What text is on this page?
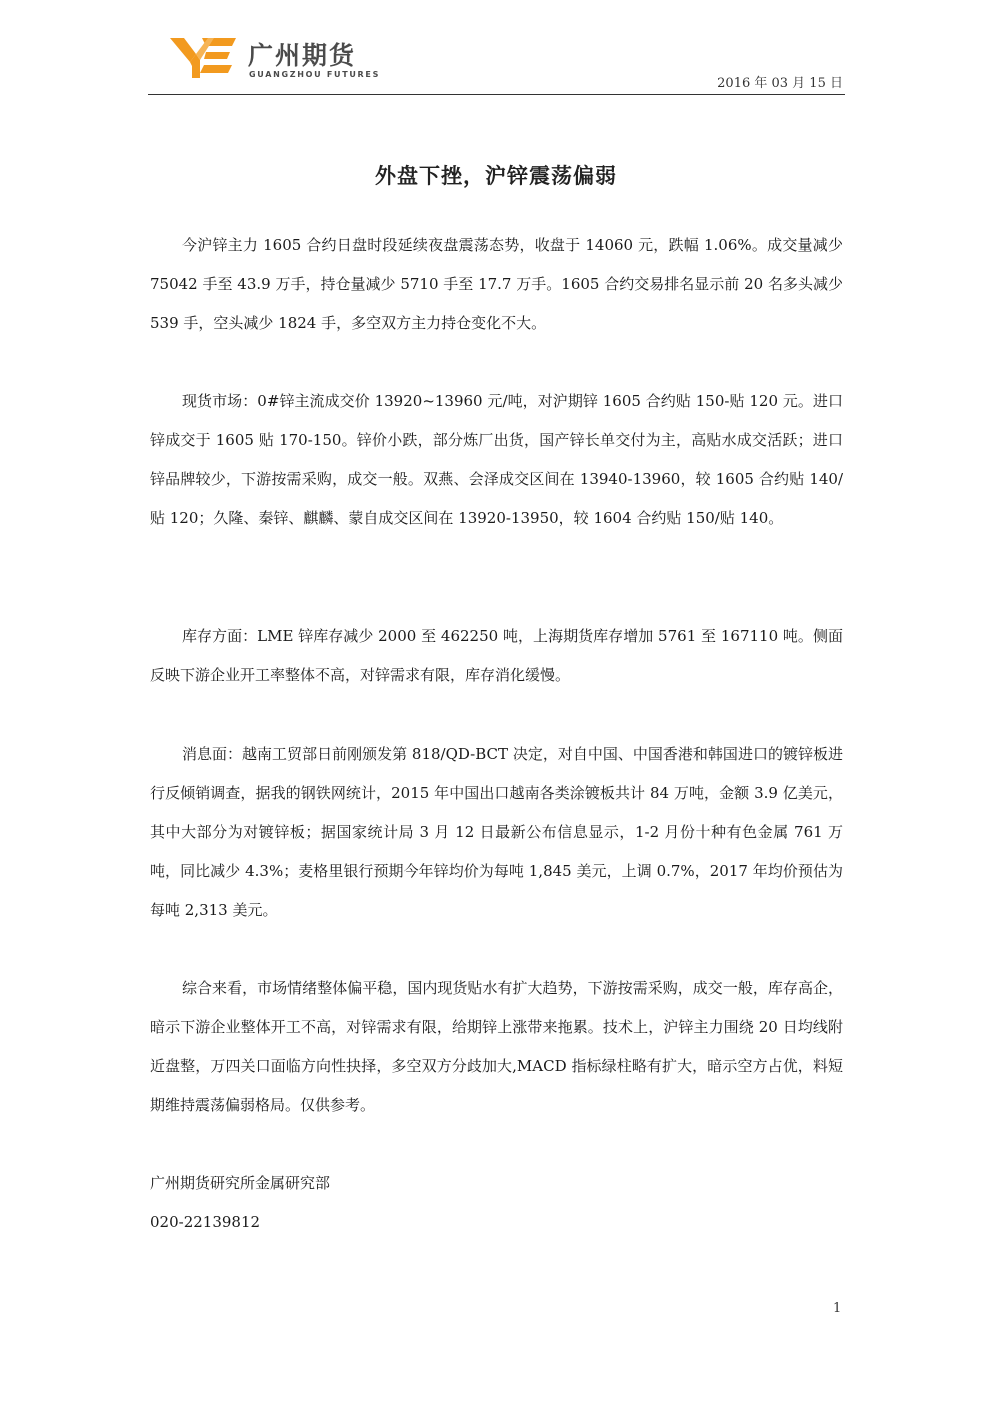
广州期货
GUANGZHOU FUTURES
2016 年 03 月 15 日
外盘下挫，沪锌震荡偏弱

今沪锌主力 1605 合约日盘时段延续夜盘震荡态势，收盘于 14060 元，跌幅 1.06%。成交量减少 75042 手至 43.9 万手，持仓量减少 5710 手至 17.7 万手。1605 合约交易排名显示前 20 名多头减少 539 手，空头减少 1824 手，多空双方主力持仓变化不大。

现货市场：0#锌主流成交价 13920~13960 元/吨，对沪期锌 1605 合约贴 150-贴 120 元。进口锌成交于 1605 贴 170-150。锌价小跌，部分炼厂出货，国产锌长单交付为主，高贴水成交活跃；进口锌品牌较少，下游按需采购，成交一般。双燕、会泽成交区间在 13940-13960，较 1605 合约贴 140/贴 120；久隆、秦锌、麒麟、蒙自成交区间在 13920-13950，较 1604 合约贴 150/贴 140。

库存方面：LME 锌库存减少 2000 至 462250 吨，上海期货库存增加 5761 至 167110 吨。侧面反映下游企业开工率整体不高，对锌需求有限，库存消化缓慢。

消息面：越南工贸部日前刚颁发第 818/QD-BCT 决定，对自中国、中国香港和韩国进口的镀锌板进行反倾销调查，据我的钢铁网统计，2015 年中国出口越南各类涂镀板共计 84 万吨，金额 3.9 亿美元，其中大部分为对镀锌板；据国家统计局 3 月 12 日最新公布信息显示，1-2 月份十种有色金属 761 万吨，同比减少 4.3%；麦格里银行预期今年锌均价为每吨 1,845 美元，上调 0.7%，2017 年均价预估为每吨 2,313 美元。

综合来看，市场情绪整体偏平稳，国内现货贴水有扩大趋势，下游按需采购，成交一般，库存高企，暗示下游企业整体开工不高，对锌需求有限，给期锌上涨带来拖累。技术上，沪锌主力围绕 20 日均线附近盘整，万四关口面临方向性抉择，多空双方分歧加大,MACD 指标绿柱略有扩大，暗示空方占优，料短期维持震荡偏弱格局。仅供参考。

广州期货研究所金属研究部

020-22139812

1
